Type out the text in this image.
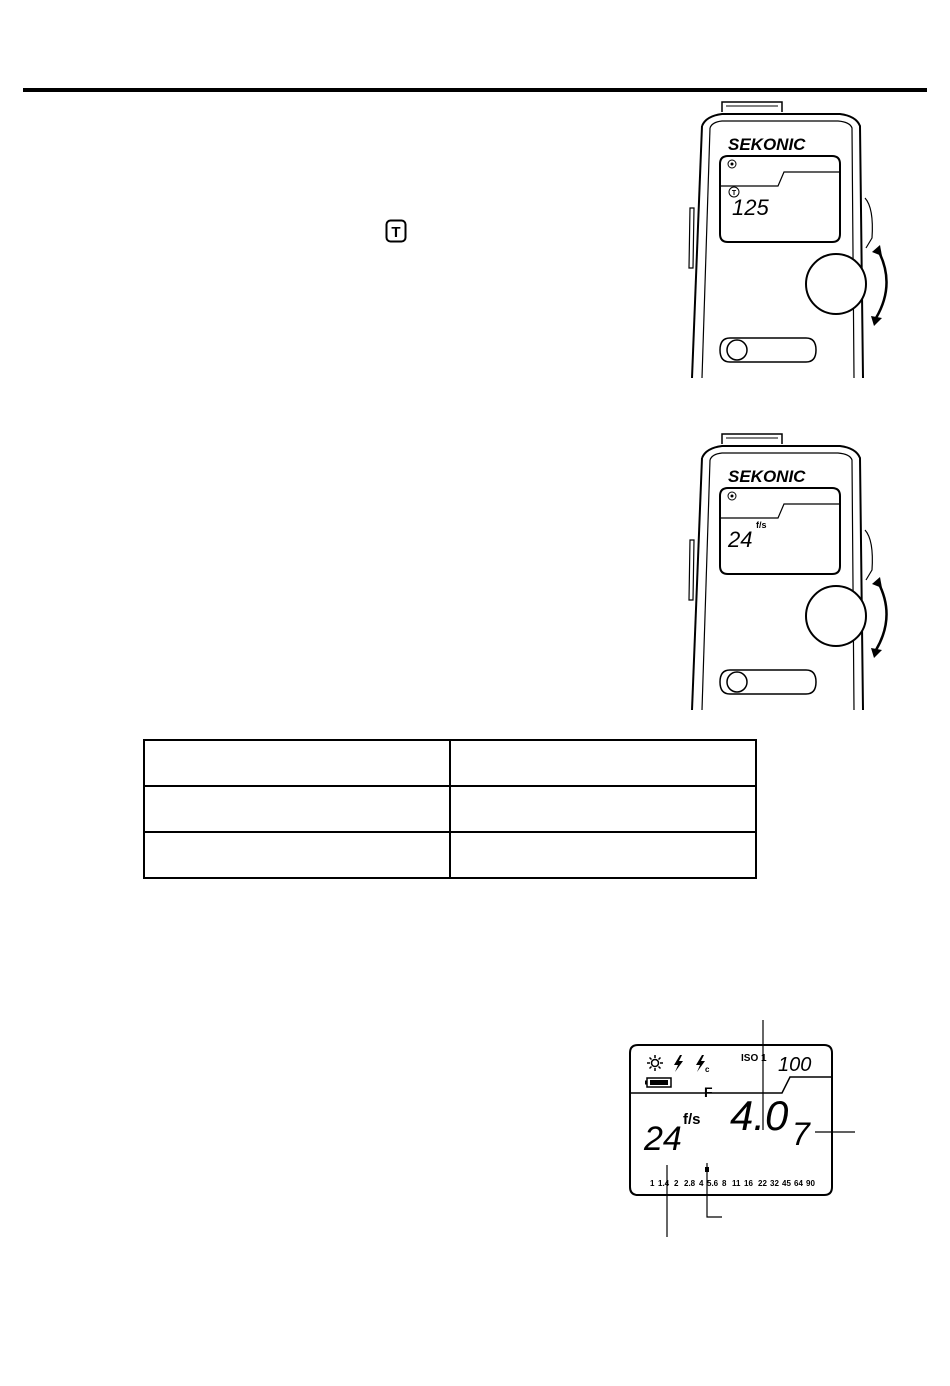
T
SEKONIC
T
125
SEKONIC
f/s
24

c
ISO 1 100
F
f/s
24 4.0 7
1 1.4 2 2.8 4 5.6 8 11 16 22 32 45 64 90
